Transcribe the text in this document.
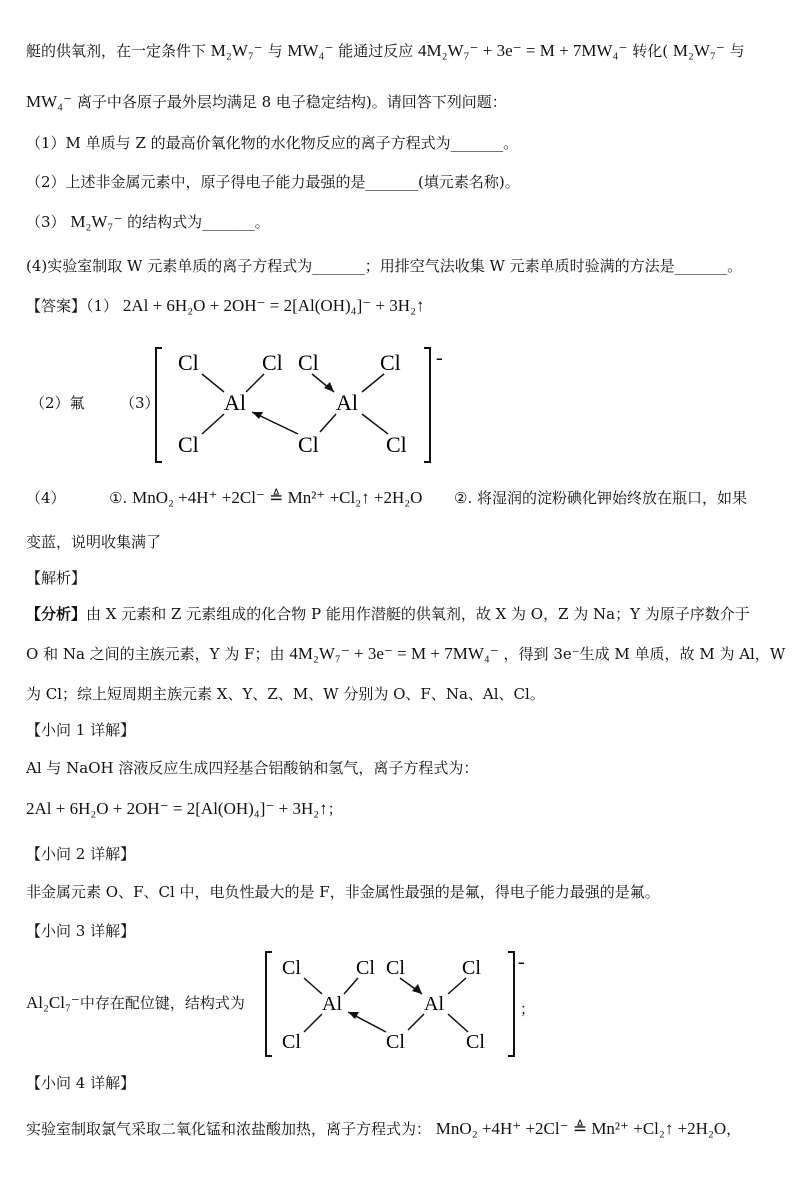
艇的供氧剂，在一定条件下 M₂W₇⁻ 与 MW₄⁻ 能通过反应 4M₂W₇⁻ + 3e⁻ = M + 7MW₄⁻ 转化( M₂W₇⁻ 与
MW₄⁻ 离子中各原子最外层均满足 8 电子稳定结构)。请回答下列问题：
（1）M 单质与 Z 的最高价氧化物的水化物反应的离子方程式为_______。
（2）上述非金属元素中，原子得电子能力最强的是_______(填元素名称)。
（3） M₂W₇⁻ 的结构式为_______。
(4)实验室制取 W 元素单质的离子方程式为_______；用排空气法收集 W 元素单质时验满的方法是_______。
【答案】（1） 2Al + 6H₂O + 2OH⁻ = 2[Al(OH)₄]⁻ + 3H₂↑
（2）氟	（3）
-
Cl	Cl Cl	Cl
Al	Al
Cl	Cl	Cl
（4）	①. MnO₂ +4H⁺ +2Cl⁻ ≜ Mn²⁺ +Cl₂↑ +2H₂O ②. 将湿润的淀粉碘化钾始终放在瓶口，如果
变蓝，说明收集满了
【解析】
【分析】由 X 元素和 Z 元素组成的化合物 P 能用作潜艇的供氧剂，故 X 为 O，Z 为 Na；Y 为原子序数介于
O 和 Na 之间的主族元素，Y 为 F；由 4M₂W₇⁻ + 3e⁻ = M + 7MW₄⁻ ，得到 3e⁻生成 M 单质，故 M 为 Al，W
为 Cl；综上短周期主族元素 X、Y、Z、M、W 分别为 O、F、Na、Al、Cl。
【小问 1 详解】
Al 与 NaOH 溶液反应生成四羟基合铝酸钠和氢气，离子方程式为：
2Al + 6H₂O + 2OH⁻ = 2[Al(OH)₄]⁻ + 3H₂↑；
【小问 2 详解】
非金属元素 O、F、Cl 中，电负性最大的是 F，非金属性最强的是氟，得电子能力最强的是氟。
【小问 3 详解】
Al₂Cl₇⁻中存在配位键，结构式为
-
Cl	Cl Cl	Cl
Al	Al
Cl	Cl	Cl
；
【小问 4 详解】
实验室制取氯气采取二氧化锰和浓盐酸加热，离子方程式为： MnO₂ +4H⁺ +2Cl⁻ ≜ Mn²⁺ +Cl₂↑ +2H₂O，
